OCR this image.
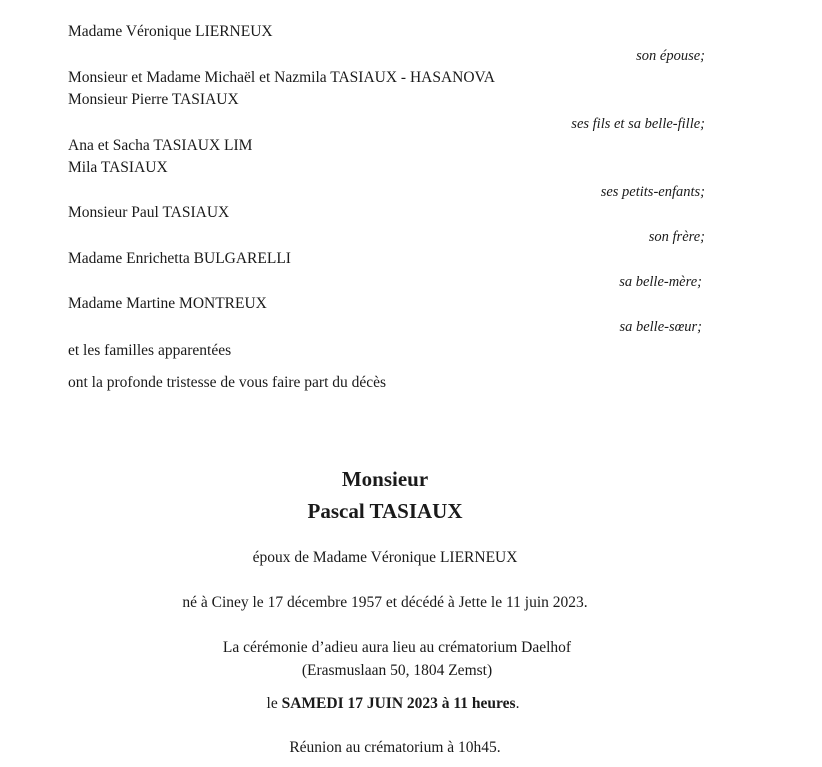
Madame Véronique LIERNEUX
son épouse;
Monsieur et Madame Michaël et Nazmila TASIAUX - HASANOVA
Monsieur Pierre TASIAUX
ses fils et sa belle-fille;
Ana et Sacha TASIAUX LIM
Mila TASIAUX
ses petits-enfants;
Monsieur Paul TASIAUX
son frère;
Madame Enrichetta BULGARELLI
sa belle-mère;
Madame Martine MONTREUX
sa belle-sœur;
et les familles apparentées
ont la profonde tristesse de vous faire part du décès
Monsieur
Pascal TASIAUX
époux de Madame Véronique LIERNEUX
né à Ciney le 17 décembre 1957 et décédé à Jette le 11 juin 2023.
La cérémonie d’adieu aura lieu au crématorium Daelhof
(Erasmuslaan 50, 1804 Zemst)
le SAMEDI 17 JUIN 2023 à 11 heures.
Réunion au crématorium à 10h45.
